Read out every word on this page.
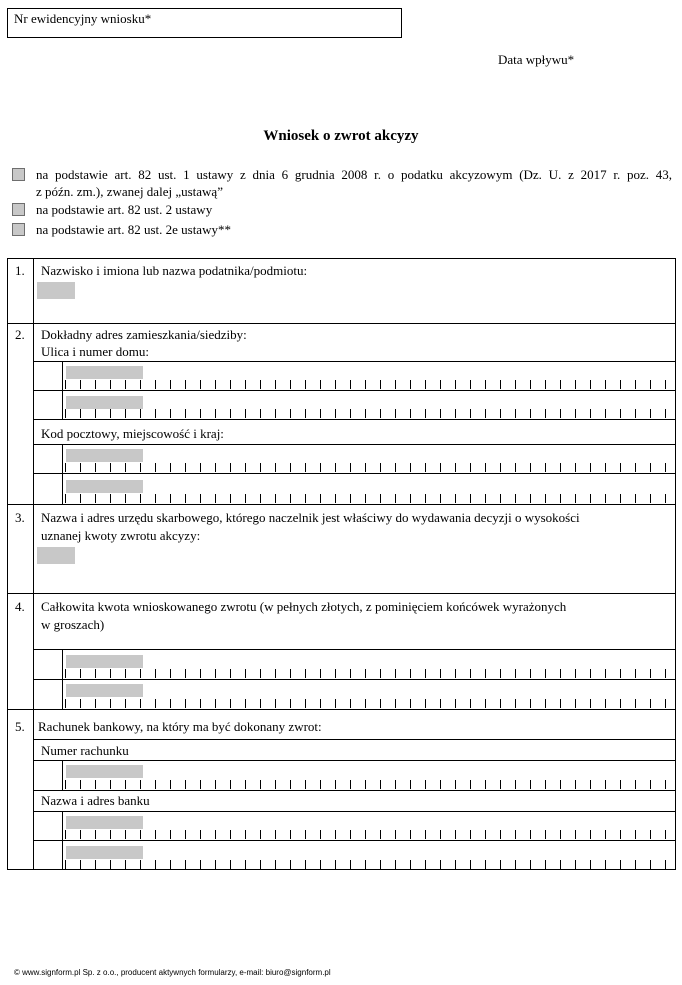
Nr ewidencyjny wniosku*
Data wpływu*
Wniosek o zwrot akcyzy
na podstawie art. 82 ust. 1 ustawy z dnia 6 grudnia 2008 r. o podatku akcyzowym (Dz. U. z 2017 r. poz. 43,
z późn. zm.), zwanej dalej „ustawą”
na podstawie art. 82 ust. 2 ustawy
na podstawie art. 82 ust. 2e ustawy**
1. Nazwisko i imiona lub nazwa podatnika/podmiotu:
2. Dokładny adres zamieszkania/siedziby:
Ulica i numer domu:
Kod pocztowy, miejscowość i kraj:
3. Nazwa i adres urzędu skarbowego, którego naczelnik jest właściwy do wydawania decyzji o wysokości
uznanej kwoty zwrotu akcyzy:
4. Całkowita kwota wnioskowanego zwrotu (w pełnych złotych, z pominięciem końcówek wyrażonych
w groszach)
5. Rachunek bankowy, na który ma być dokonany zwrot:
Numer rachunku
Nazwa i adres banku
© www.signform.pl Sp. z o.o., producent aktywnych formularzy, e-mail: biuro@signform.pl
